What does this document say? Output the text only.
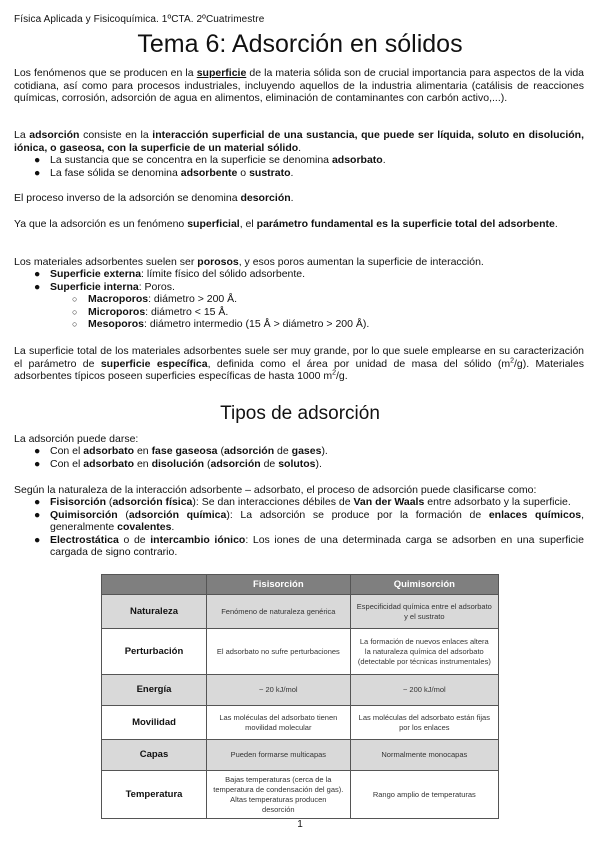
Física Aplicada y Fisicoquímica. 1ºCTA. 2ºCuatrimestre
Tema 6: Adsorción en sólidos

Los fenómenos que se producen en la superficie de la materia sólida son de crucial importancia para aspectos de la vida cotidiana, así como para procesos industriales, incluyendo aquellos de la industria alimentaria (catálisis de reacciones químicas, corrosión, adsorción de agua en alimentos, eliminación de contaminantes con carbón activo,...).

La adsorción consiste en la interacción superficial de una sustancia, que puede ser líquida, soluto en disolución, iónica, o gaseosa, con la superficie de un material sólido.

● La sustancia que se concentra en la superficie se denomina adsorbato.
● La fase sólida se denomina adsorbente o sustrato.

El proceso inverso de la adsorción se denomina desorción.

Ya que la adsorción es un fenómeno superficial, el parámetro fundamental es la superficie total del adsorbente.

Los materiales adsorbentes suelen ser porosos, y esos poros aumentan la superficie de interacción.

● Superficie externa: límite físico del sólido adsorbente.
● Superficie interna: Poros.
○ Macroporos: diámetro > 200 Å.
○ Microporos: diámetro < 15 Å.
○ Mesoporos: diámetro intermedio (15 Å > diámetro > 200 Å).

La superficie total de los materiales adsorbentes suele ser muy grande, por lo que suele emplearse en su caracterización el parámetro de superficie específica, definida como el área por unidad de masa del sólido $(m^2/g)$. Materiales adsorbentes típicos poseen superficies específicas de hasta 1000 $m^2/g$.

Tipos de adsorción

La adsorción puede darse:

● Con el adsorbato en fase gaseosa (adsorción de gases).
● Con el adsorbato en disolución (adsorción de solutos).

Según la naturaleza de la interacción adsorbente – adsorbato, el proceso de adsorción puede clasificarse como:

● Fisisorción (adsorción física): Se dan interacciones débiles de Van der Waals entre adsorbato y la superficie.
● Quimisorción (adsorción química): La adsorción se produce por la formación de enlaces químicos, generalmente covalentes.
● Electrostática o de intercambio iónico: Los iones de una determinada carga se adsorben en una superficie cargada de signo contrario.
	Fisisorción	Quimisorción
Naturaleza	Fenómeno de naturaleza genérica	Especificidad química entre el adsorbato y el sustrato
Perturbación	El adsorbato no sufre perturbaciones	La formación de nuevos enlaces altera la naturaleza química del adsorbato (detectable por técnicas instrumentales)
Energía	~ 20 kJ/mol	~ 200 kJ/mol
Movilidad	Las moléculas del adsorbato tienen movilidad molecular	Las moléculas del adsorbato están fijas por los enlaces
Capas	Pueden formarse multicapas	Normalmente monocapas
Temperatura	Bajas temperaturas (cerca de la temperatura de condensación del gas). Altas temperaturas producen desorción	Rango amplio de temperaturas
1
